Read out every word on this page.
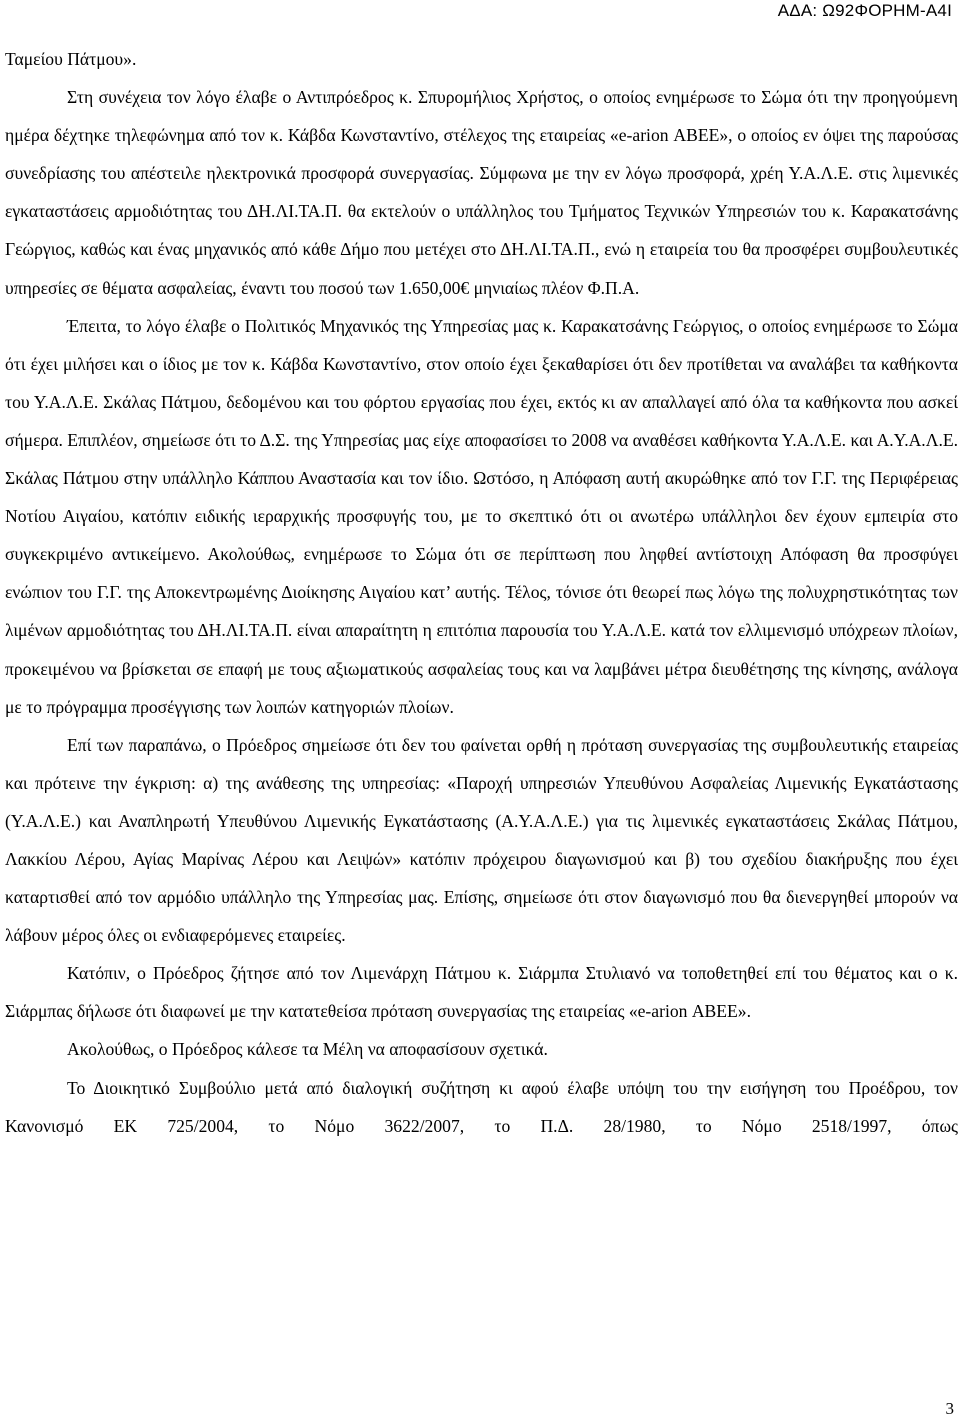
ΑΔΑ: Ω92ΦΟΡΗΜ-Α4Ι

Ταμείου Πάτμου».

Στη συνέχεια τον λόγο έλαβε ο Αντιπρόεδρος κ. Σπυρομήλιος Χρήστος, ο οποίος ενημέρωσε το Σώμα ότι την προηγούμενη ημέρα δέχτηκε τηλεφώνημα από τον κ. Κάβδα Κωνσταντίνο, στέλεχος της εταιρείας «e-arion ΑΒΕΕ», ο οποίος εν όψει της παρούσας συνεδρίασης του απέστειλε ηλεκτρονικά προσφορά συνεργασίας. Σύμφωνα με την εν λόγω προσφορά, χρέη Υ.Α.Λ.Ε. στις λιμενικές εγκαταστάσεις αρμοδιότητας του ΔΗ.ΛΙ.ΤΑ.Π. θα εκτελούν ο υπάλληλος του Τμήματος Τεχνικών Υπηρεσιών του κ. Καρακατσάνης Γεώργιος, καθώς και ένας μηχανικός από κάθε Δήμο που μετέχει στο ΔΗ.ΛΙ.ΤΑ.Π., ενώ η εταιρεία του θα προσφέρει συμβουλευτικές υπηρεσίες σε θέματα ασφαλείας, έναντι του ποσού των 1.650,00€ μηνιαίως πλέον Φ.Π.Α.

Έπειτα, το λόγο έλαβε ο Πολιτικός Μηχανικός της Υπηρεσίας μας κ. Καρακατσάνης Γεώργιος, ο οποίος ενημέρωσε το Σώμα ότι έχει μιλήσει και ο ίδιος με τον κ. Κάβδα Κωνσταντίνο, στον οποίο έχει ξεκαθαρίσει ότι δεν προτίθεται να αναλάβει τα καθήκοντα του Υ.Α.Λ.Ε. Σκάλας Πάτμου, δεδομένου και του φόρτου εργασίας που έχει, εκτός κι αν απαλλαγεί από όλα τα καθήκοντα που ασκεί σήμερα. Επιπλέον, σημείωσε ότι το Δ.Σ. της Υπηρεσίας μας είχε αποφασίσει το 2008 να αναθέσει καθήκοντα Υ.Α.Λ.Ε. και Α.Υ.Α.Λ.Ε. Σκάλας Πάτμου στην υπάλληλο Κάππου Αναστασία και τον ίδιο. Ωστόσο, η Απόφαση αυτή ακυρώθηκε από τον Γ.Γ. της Περιφέρειας Νοτίου Αιγαίου, κατόπιν ειδικής ιεραρχικής προσφυγής του, με το σκεπτικό ότι οι ανωτέρω υπάλληλοι δεν έχουν εμπειρία στο συγκεκριμένο αντικείμενο. Ακολούθως, ενημέρωσε το Σώμα ότι σε περίπτωση που ληφθεί αντίστοιχη Απόφαση θα προσφύγει ενώπιον του Γ.Γ. της Αποκεντρωμένης Διοίκησης Αιγαίου κατ’ αυτής. Τέλος, τόνισε ότι θεωρεί πως λόγω της πολυχρηστικότητας των λιμένων αρμοδιότητας του ΔΗ.ΛΙ.ΤΑ.Π. είναι απαραίτητη η επιτόπια παρουσία του Υ.Α.Λ.Ε. κατά τον ελλιμενισμό υπόχρεων πλοίων, προκειμένου να βρίσκεται σε επαφή με τους αξιωματικούς ασφαλείας τους και να λαμβάνει μέτρα διευθέτησης της κίνησης, ανάλογα με το πρόγραμμα προσέγγισης των λοιπών κατηγοριών πλοίων.

Επί των παραπάνω, ο Πρόεδρος σημείωσε ότι δεν του φαίνεται ορθή η πρόταση συνεργασίας της συμβουλευτικής εταιρείας και πρότεινε την έγκριση: α) της ανάθεσης της υπηρεσίας: «Παροχή υπηρεσιών Υπευθύνου Ασφαλείας Λιμενικής Εγκατάστασης (Υ.Α.Λ.Ε.) και Αναπληρωτή Υπευθύνου Λιμενικής Εγκατάστασης (Α.Υ.Α.Λ.Ε.) για τις λιμενικές εγκαταστάσεις Σκάλας Πάτμου, Λακκίου Λέρου, Αγίας Μαρίνας Λέρου και Λειψών» κατόπιν πρόχειρου διαγωνισμού και β) του σχεδίου διακήρυξης που έχει καταρτισθεί από τον αρμόδιο υπάλληλο της Υπηρεσίας μας. Επίσης, σημείωσε ότι στον διαγωνισμό που θα διενεργηθεί μπορούν να λάβουν μέρος όλες οι ενδιαφερόμενες εταιρείες.

Κατόπιν, ο Πρόεδρος ζήτησε από τον Λιμενάρχη Πάτμου κ. Σιάρμπα Στυλιανό να τοποθετηθεί επί του θέματος και ο κ. Σιάρμπας δήλωσε ότι διαφωνεί με την κατατεθείσα πρόταση συνεργασίας της εταιρείας «e-arion ΑΒΕΕ».

Ακολούθως, ο Πρόεδρος κάλεσε τα Μέλη να αποφασίσουν σχετικά.

Το Διοικητικό Συμβούλιο μετά από διαλογική συζήτηση κι αφού έλαβε υπόψη του την εισήγηση του Προέδρου, τον Κανονισμό ΕΚ 725/2004, το Νόμο 3622/2007, το Π.Δ. 28/1980, το Νόμο 2518/1997, όπως

3
